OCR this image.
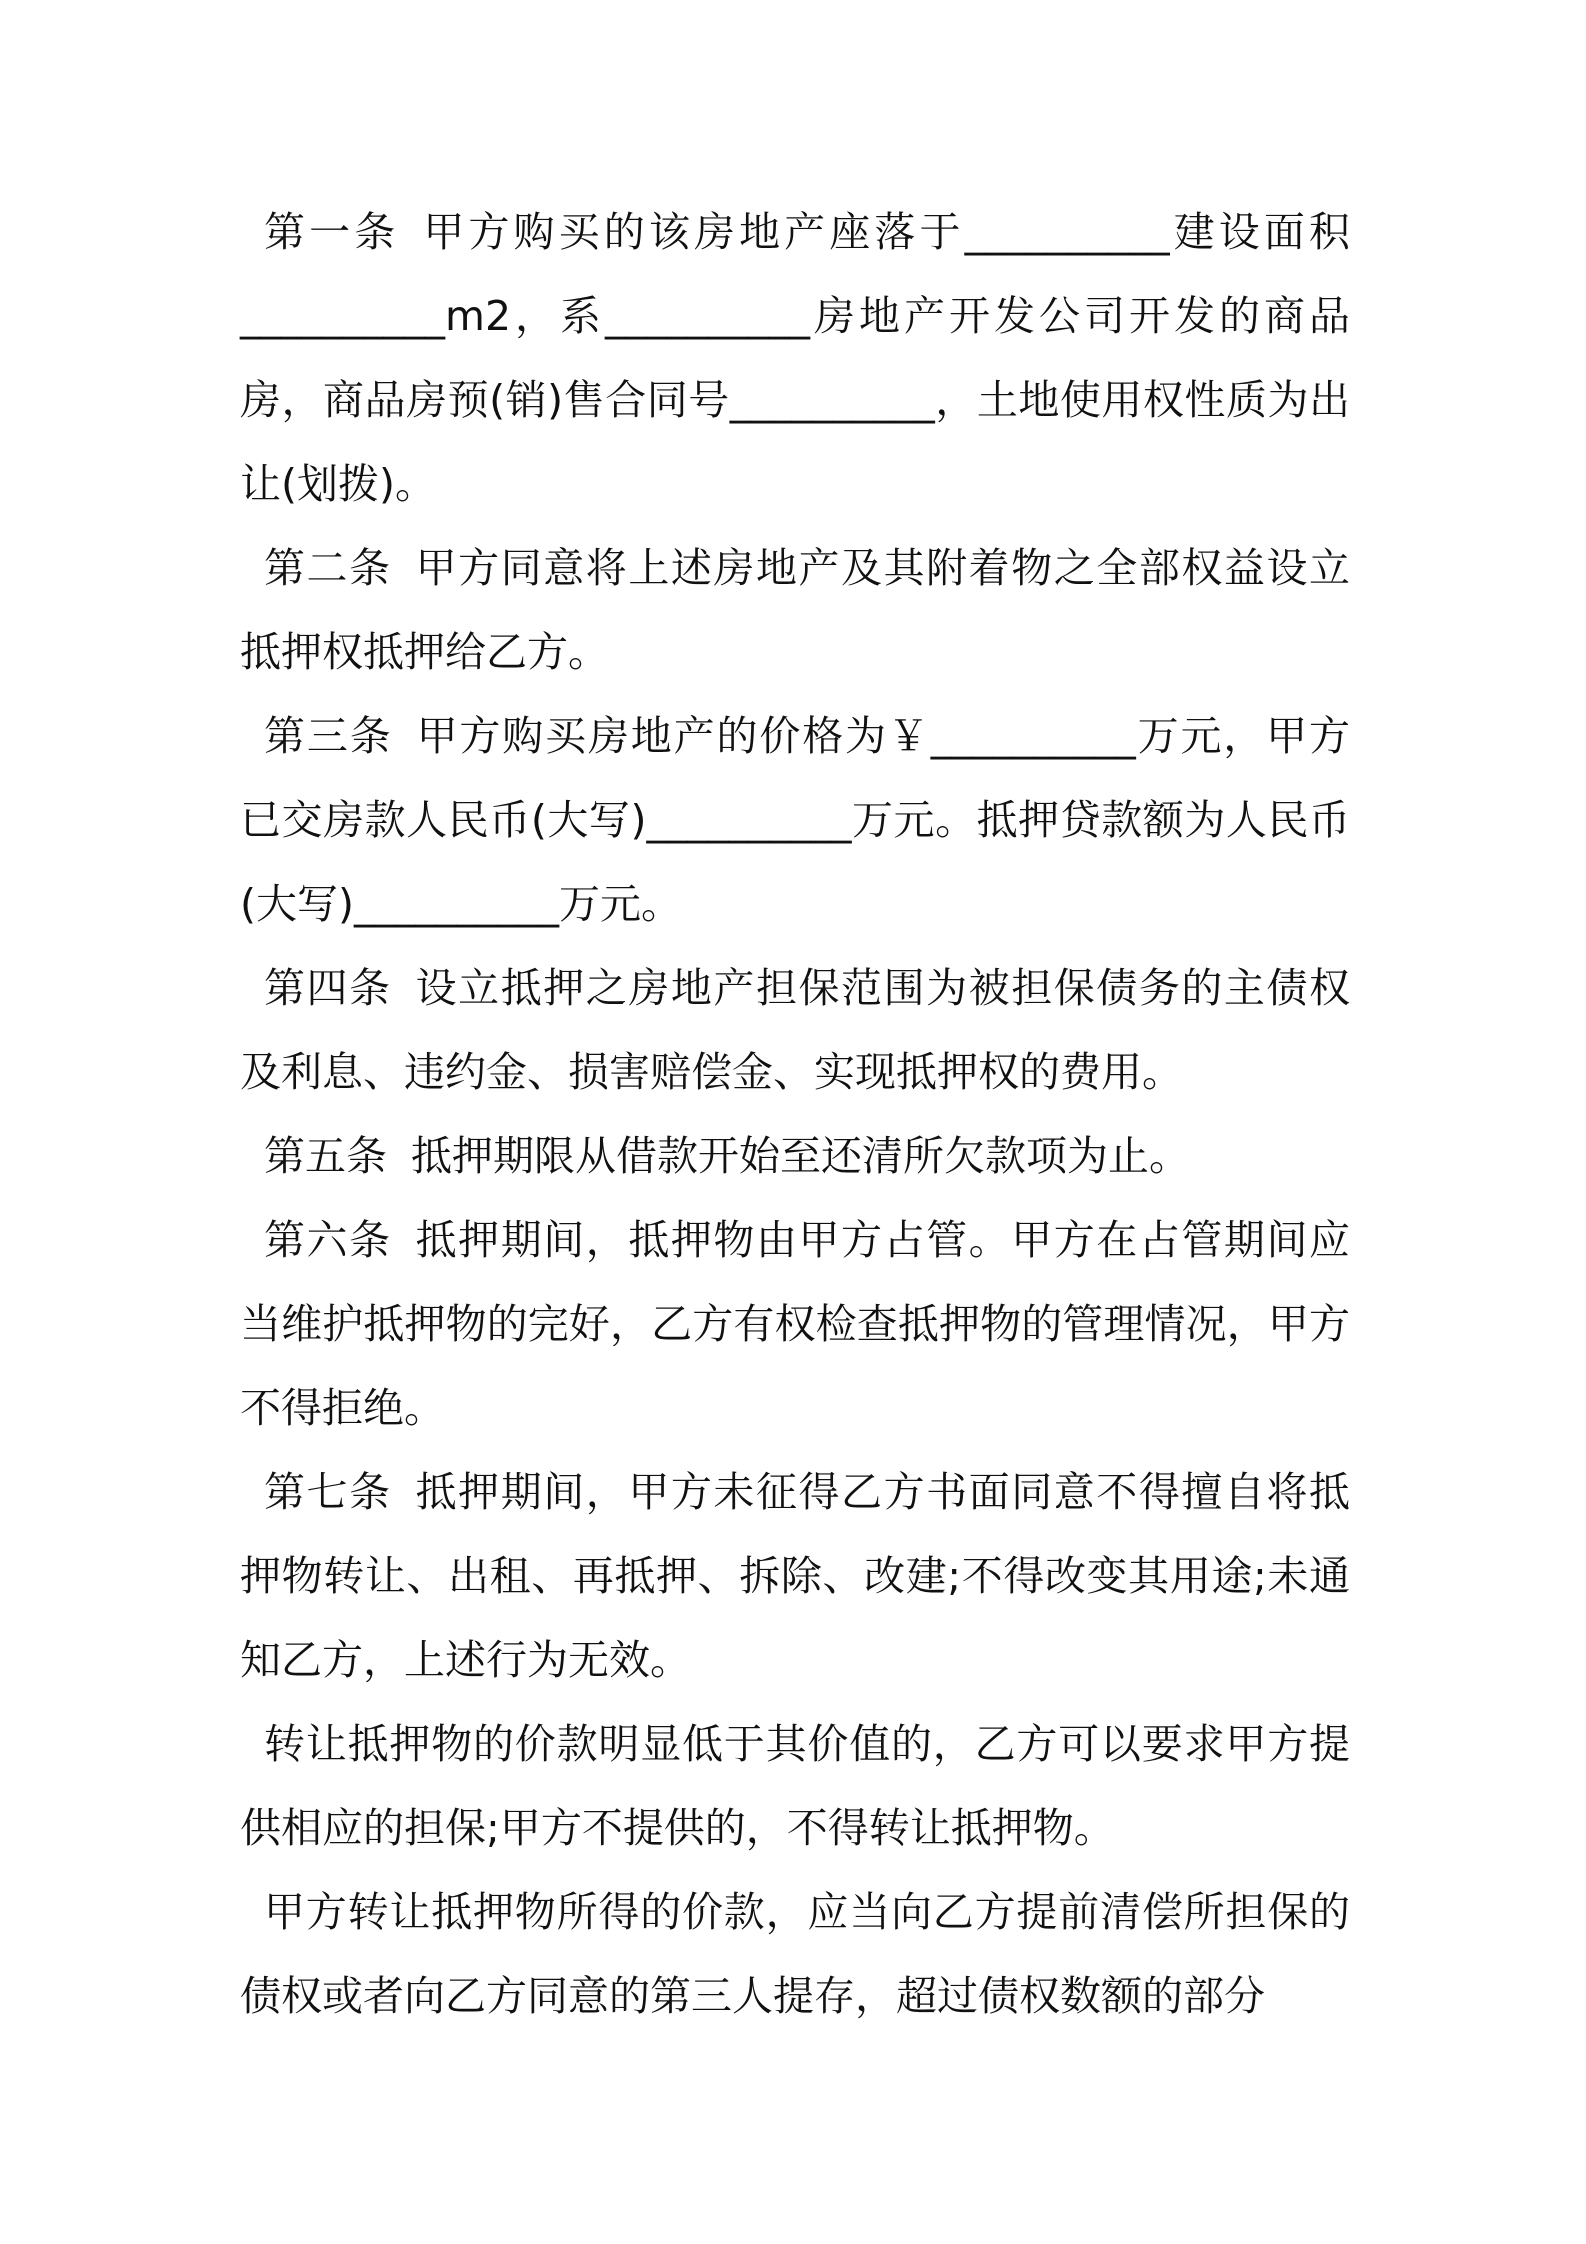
第一条 甲方购买的该房地产座落于__________建设面积__________m2，系__________房地产开发公司开发的商品房，商品房预(销)售合同号__________，土地使用权性质为出让(划拨)。

第二条 甲方同意将上述房地产及其附着物之全部权益设立抵押权抵押给乙方。

第三条 甲方购买房地产的价格为￥__________万元，甲方已交房款人民币(大写)__________万元。抵押贷款额为人民币(大写)__________万元。

第四条 设立抵押之房地产担保范围为被担保债务的主债权及利息、违约金、损害赔偿金、实现抵押权的费用。

第五条 抵押期限从借款开始至还清所欠款项为止。

第六条 抵押期间，抵押物由甲方占管。甲方在占管期间应当维护抵押物的完好，乙方有权检查抵押物的管理情况，甲方不得拒绝。

第七条 抵押期间，甲方未征得乙方书面同意不得擅自将抵押物转让、出租、再抵押、拆除、改建;不得改变其用途;未通知乙方，上述行为无效。

转让抵押物的价款明显低于其价值的，乙方可以要求甲方提供相应的担保;甲方不提供的，不得转让抵押物。

甲方转让抵押物所得的价款，应当向乙方提前清偿所担保的债权或者向乙方同意的第三人提存，超过债权数额的部分
